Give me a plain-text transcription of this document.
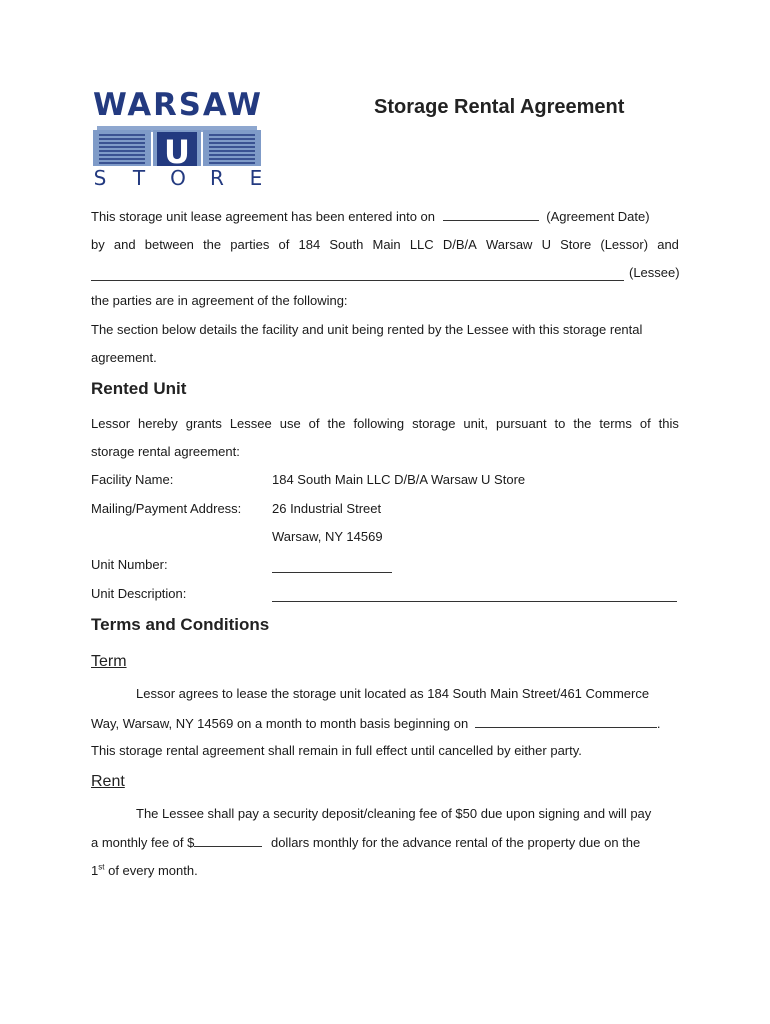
WARSAW
U
S T O R E
Storage Rental Agreement
This storage unit lease agreement has been entered into on	(Agreement Date)
by and between the parties of 184 South Main LLC D/B/A Warsaw U Store (Lessor) and
(Lessee)
the parties are in agreement of the following:
The section below details the facility and unit being rented by the Lessee with this storage rental
agreement.
Rented Unit
Lessor hereby grants Lessee use of the following storage unit, pursuant to the terms of this
storage rental agreement:
Facility Name:	184 South Main LLC D/B/A Warsaw U Store
Mailing/Payment Address: 26 Industrial Street
Warsaw, NY 14569
Unit Number:
Unit Description:
Terms and Conditions
Term
Lessor agrees to lease the storage unit located as 184 South Main Street/461 Commerce
Way, Warsaw, NY 14569 on a month to month basis beginning on	.
This storage rental agreement shall remain in full effect until cancelled by either party.
Rent
The Lessee shall pay a security deposit/cleaning fee of $50 due upon signing and will pay
a monthly fee of $	dollars monthly for the advance rental of the property due on the
1st of every month.
